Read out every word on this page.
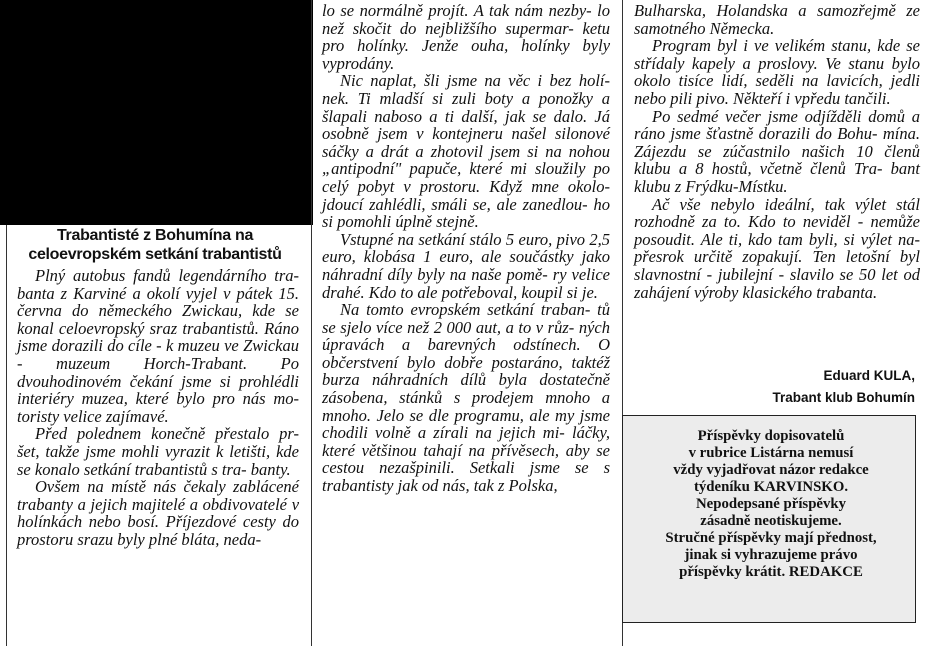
Trabantisté z Bohumína na
celoevropském setkání trabantistů

Plný autobus fandů legendárního tra- banta z Karviné a okolí vyjel v pátek 15. června do německého Zwickau, kde se konal celoevropský sraz trabantistů. Ráno jsme dorazili do cíle - k muzeu ve Zwickau - muzeum Horch-Trabant. Po dvouhodinovém čekání jsme si prohlédli interiéry muzea, které bylo pro nás mo- toristy velice zajímavé.

Před polednem konečně přestalo pr- šet, takže jsme mohli vyrazit k letišti, kde se konalo setkání trabantistů s tra- banty.

Ovšem na místě nás čekaly zablácené trabanty a jejich majitelé a obdivovatelé v holínkách nebo bosí. Příjezdové cesty do prostoru srazu byly plné bláta, neda-

lo se normálně projít. A tak nám nezby- lo než skočit do nejbližšího supermar- ketu pro holínky. Jenže ouha, holínky byly vyprodány.

Nic naplat, šli jsme na věc i bez holí- nek. Ti mladší si zuli boty a ponožky a šlapali naboso a ti další, jak se dalo. Já osobně jsem v kontejneru našel silonové sáčky a drát a zhotovil jsem si na nohou „antipodní" papuče, které mi sloužily po celý pobyt v prostoru. Když mne okolo- jdoucí zahlédli, smáli se, ale zanedlou- ho si pomohli úplně stejně.

Vstupné na setkání stálo 5 euro, pivo 2,5 euro, klobása 1 euro, ale součástky jako náhradní díly byly na naše pomě- ry velice drahé. Kdo to ale potřeboval, koupil si je.

Na tomto evropském setkání traban- tů se sjelo více než 2 000 aut, a to v růz- ných úpravách a barevných odstínech. O občerstvení bylo dobře postaráno, taktéž burza náhradních dílů byla dostatečně zásobena, stánků s prodejem mnoho a mnoho. Jelo se dle programu, ale my jsme chodili volně a zírali na jejich mi- láčky, které většinou tahají na přívěsech, aby se cestou nezašpinili. Setkali jsme se s trabantisty jak od nás, tak z Polska,

Bulharska, Holandska a samozřejmě ze samotného Německa.

Program byl i ve velikém stanu, kde se střídaly kapely a proslovy. Ve stanu bylo okolo tisíce lidí, seděli na lavicích, jedli nebo pili pivo. Někteří i vpředu tančili.

Po sedmé večer jsme odjížděli domů a ráno jsme šťastně dorazili do Bohu- mína. Zájezdu se zúčastnilo našich 10 členů klubu a 8 hostů, včetně členů Tra- bant klubu z Frýdku-Místku.

Ač vše nebylo ideální, tak výlet stál rozhodně za to. Kdo to neviděl - nemůže posoudit. Ale ti, kdo tam byli, si výlet na- přesrok určitě zopakují. Ten letošní byl slavnostní - jubilejní - slavilo se 50 let od zahájení výroby klasického trabanta.

Eduard KULA,
Trabant klub Bohumín
Příspěvky dopisovatelů
v rubrice Listárna nemusí
vždy vyjadřovat názor redakce
týdeníku KARVINSKO.
Nepodepsané příspěvky
zásadně neotiskujeme.
Stručné příspěvky mají přednost,
jinak si vyhrazujeme právo
příspěvky krátit. REDAKCE
